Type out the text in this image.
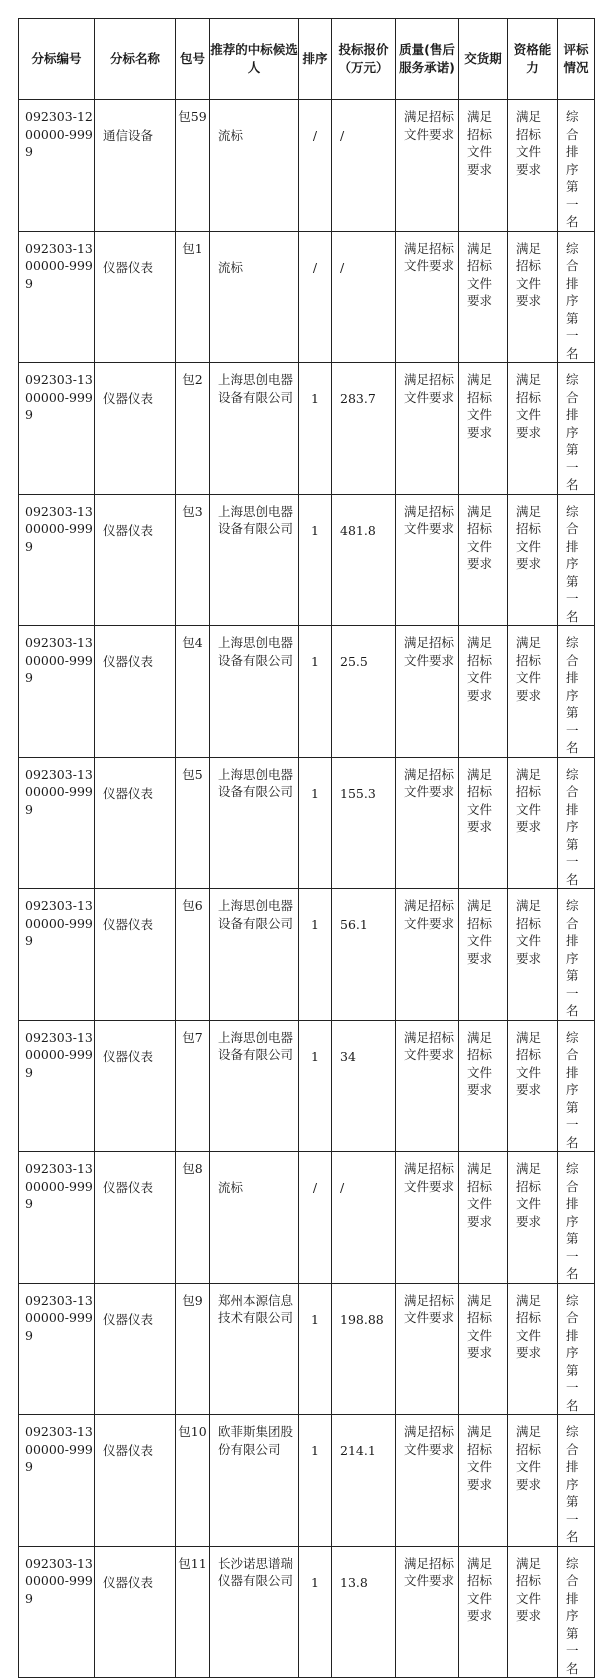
分标编号	分标名称	包号	推荐的中标候选人	排序	投标报价（万元）	质量(售后服务承诺)	交货期	资格能力	评标情况
092303-1200000-9999	通信设备	包59	流标	/	/	满足招标文件要求	满足招标文件要求	满足招标文件要求	综合排序第一名
092303-1300000-9999	仪器仪表	包1	流标	/	/	满足招标文件要求	满足招标文件要求	满足招标文件要求	综合排序第一名
092303-1300000-9999	仪器仪表	包2	上海思创电器设备有限公司	1	283.7	满足招标文件要求	满足招标文件要求	满足招标文件要求	综合排序第一名
092303-1300000-9999	仪器仪表	包3	上海思创电器设备有限公司	1	481.8	满足招标文件要求	满足招标文件要求	满足招标文件要求	综合排序第一名
092303-1300000-9999	仪器仪表	包4	上海思创电器设备有限公司	1	25.5	满足招标文件要求	满足招标文件要求	满足招标文件要求	综合排序第一名
092303-1300000-9999	仪器仪表	包5	上海思创电器设备有限公司	1	155.3	满足招标文件要求	满足招标文件要求	满足招标文件要求	综合排序第一名
092303-1300000-9999	仪器仪表	包6	上海思创电器设备有限公司	1	56.1	满足招标文件要求	满足招标文件要求	满足招标文件要求	综合排序第一名
092303-1300000-9999	仪器仪表	包7	上海思创电器设备有限公司	1	34	满足招标文件要求	满足招标文件要求	满足招标文件要求	综合排序第一名
092303-1300000-9999	仪器仪表	包8	流标	/	/	满足招标文件要求	满足招标文件要求	满足招标文件要求	综合排序第一名
092303-1300000-9999	仪器仪表	包9	郑州本源信息技术有限公司	1	198.88	满足招标文件要求	满足招标文件要求	满足招标文件要求	综合排序第一名
092303-1300000-9999	仪器仪表	包10	欧菲斯集团股份有限公司	1	214.1	满足招标文件要求	满足招标文件要求	满足招标文件要求	综合排序第一名
092303-1300000-9999	仪器仪表	包11	长沙诺思谱瑞仪器有限公司	1	13.8	满足招标文件要求	满足招标文件要求	满足招标文件要求	综合排序第一名
